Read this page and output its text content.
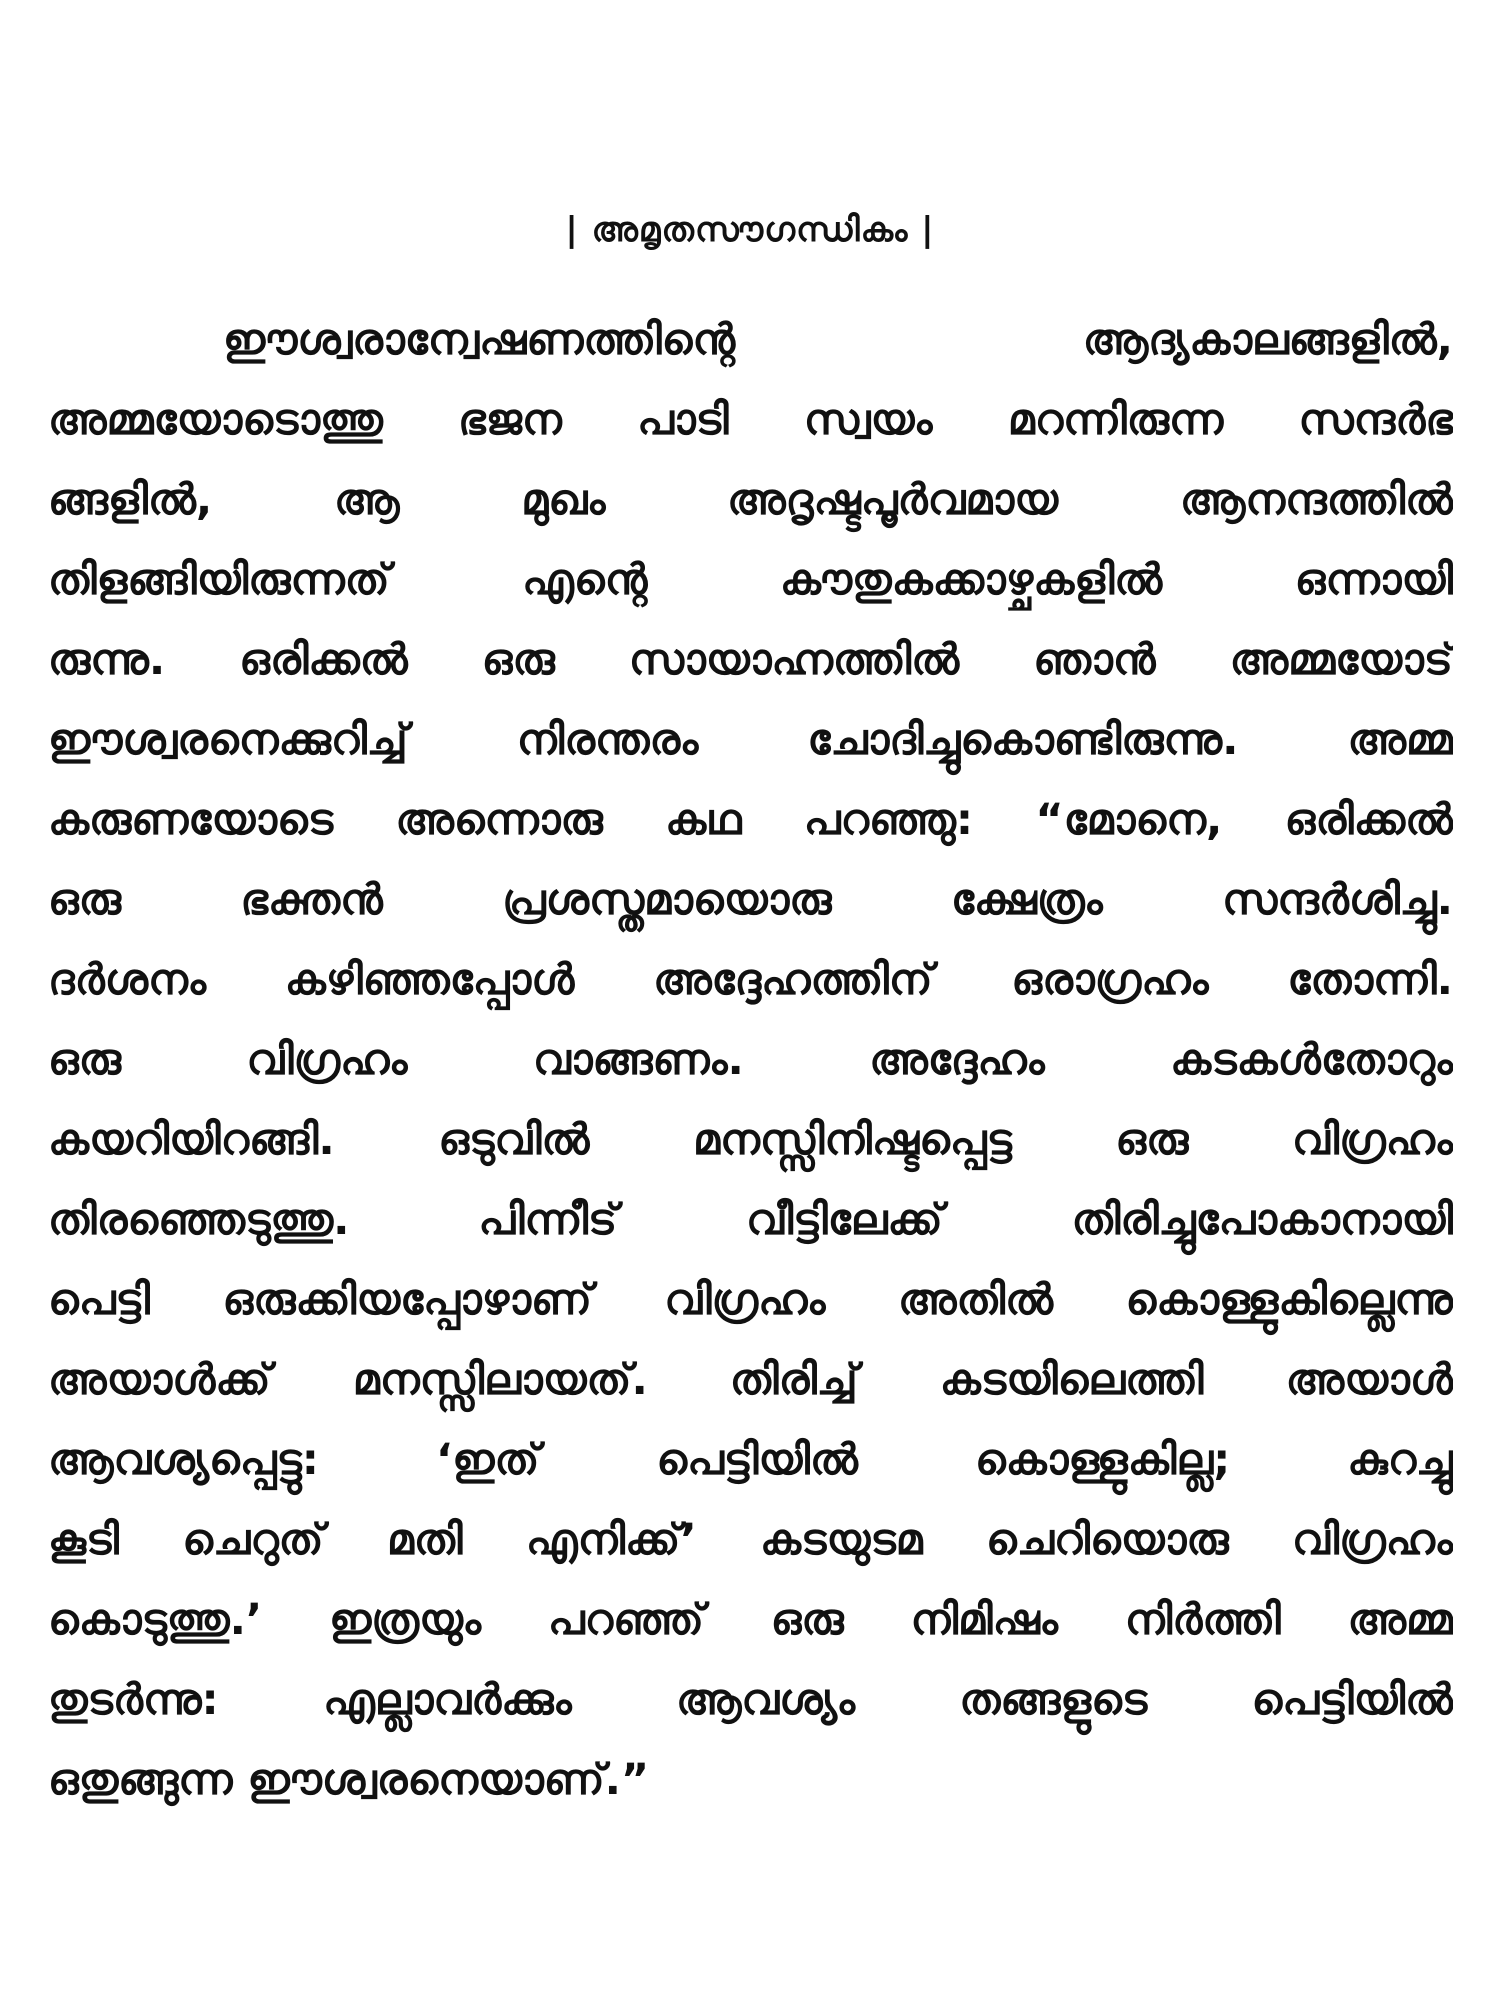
| അമൃതസൗഗന്ധികം |
ഈശ്വരാന്വേഷണത്തിന്റെ ആദ്യകാലങ്ങളിൽ,
അമ്മയോടൊത്തു ഭജന പാടി സ്വയം മറന്നിരുന്ന സന്ദർഭ
ങ്ങളിൽ, ആ മുഖം അദൃഷ്ടപൂർവമായ ആനന്ദത്തിൽ
തിളങ്ങിയിരുന്നത് എന്റെ കൗതുകക്കാഴ്ചകളിൽ ഒന്നായി
രുന്നു. ഒരിക്കൽ ഒരു സായാഹ്നത്തിൽ ഞാൻ അമ്മയോട്
ഈശ്വരനെക്കുറിച്ച് നിരന്തരം ചോദിച്ചുകൊണ്ടിരുന്നു. അമ്മ
കരുണയോടെ അന്നൊരു കഥ പറഞ്ഞു: “മോനെ, ഒരിക്കൽ
ഒരു ഭക്തൻ പ്രശസ്തമായൊരു ക്ഷേത്രം സന്ദർശിച്ചു.
ദർശനം കഴിഞ്ഞപ്പോൾ അദ്ദേഹത്തിന് ഒരാഗ്രഹം തോന്നി.
ഒരു വിഗ്രഹം വാങ്ങണം. അദ്ദേഹം കടകൾതോറും
കയറിയിറങ്ങി. ഒടുവിൽ മനസ്സിനിഷ്ടപ്പെട്ട ഒരു വിഗ്രഹം
തിരഞ്ഞെടുത്തു. പിന്നീട് വീട്ടിലേക്ക് തിരിച്ചുപോകാനായി
പെട്ടി ഒരുക്കിയപ്പോഴാണ് വിഗ്രഹം അതിൽ കൊള്ളുകില്ലെന്നു
അയാൾക്ക് മനസ്സിലായത്. തിരിച്ച് കടയിലെത്തി അയാൾ
ആവശ്യപ്പെട്ടു: ‘ഇത് പെട്ടിയിൽ കൊള്ളുകില്ല; കുറച്ചു
കൂടി ചെറുത് മതി എനിക്ക്’ കടയുടമ ചെറിയൊരു വിഗ്രഹം
കൊടുത്തു.’ ഇത്രയും പറഞ്ഞ് ഒരു നിമിഷം നിർത്തി അമ്മ
തുടർന്നു: എല്ലാവർക്കും ആവശ്യം തങ്ങളുടെ പെട്ടിയിൽ
ഒതുങ്ങുന്ന ഈശ്വരനെയാണ്.”
